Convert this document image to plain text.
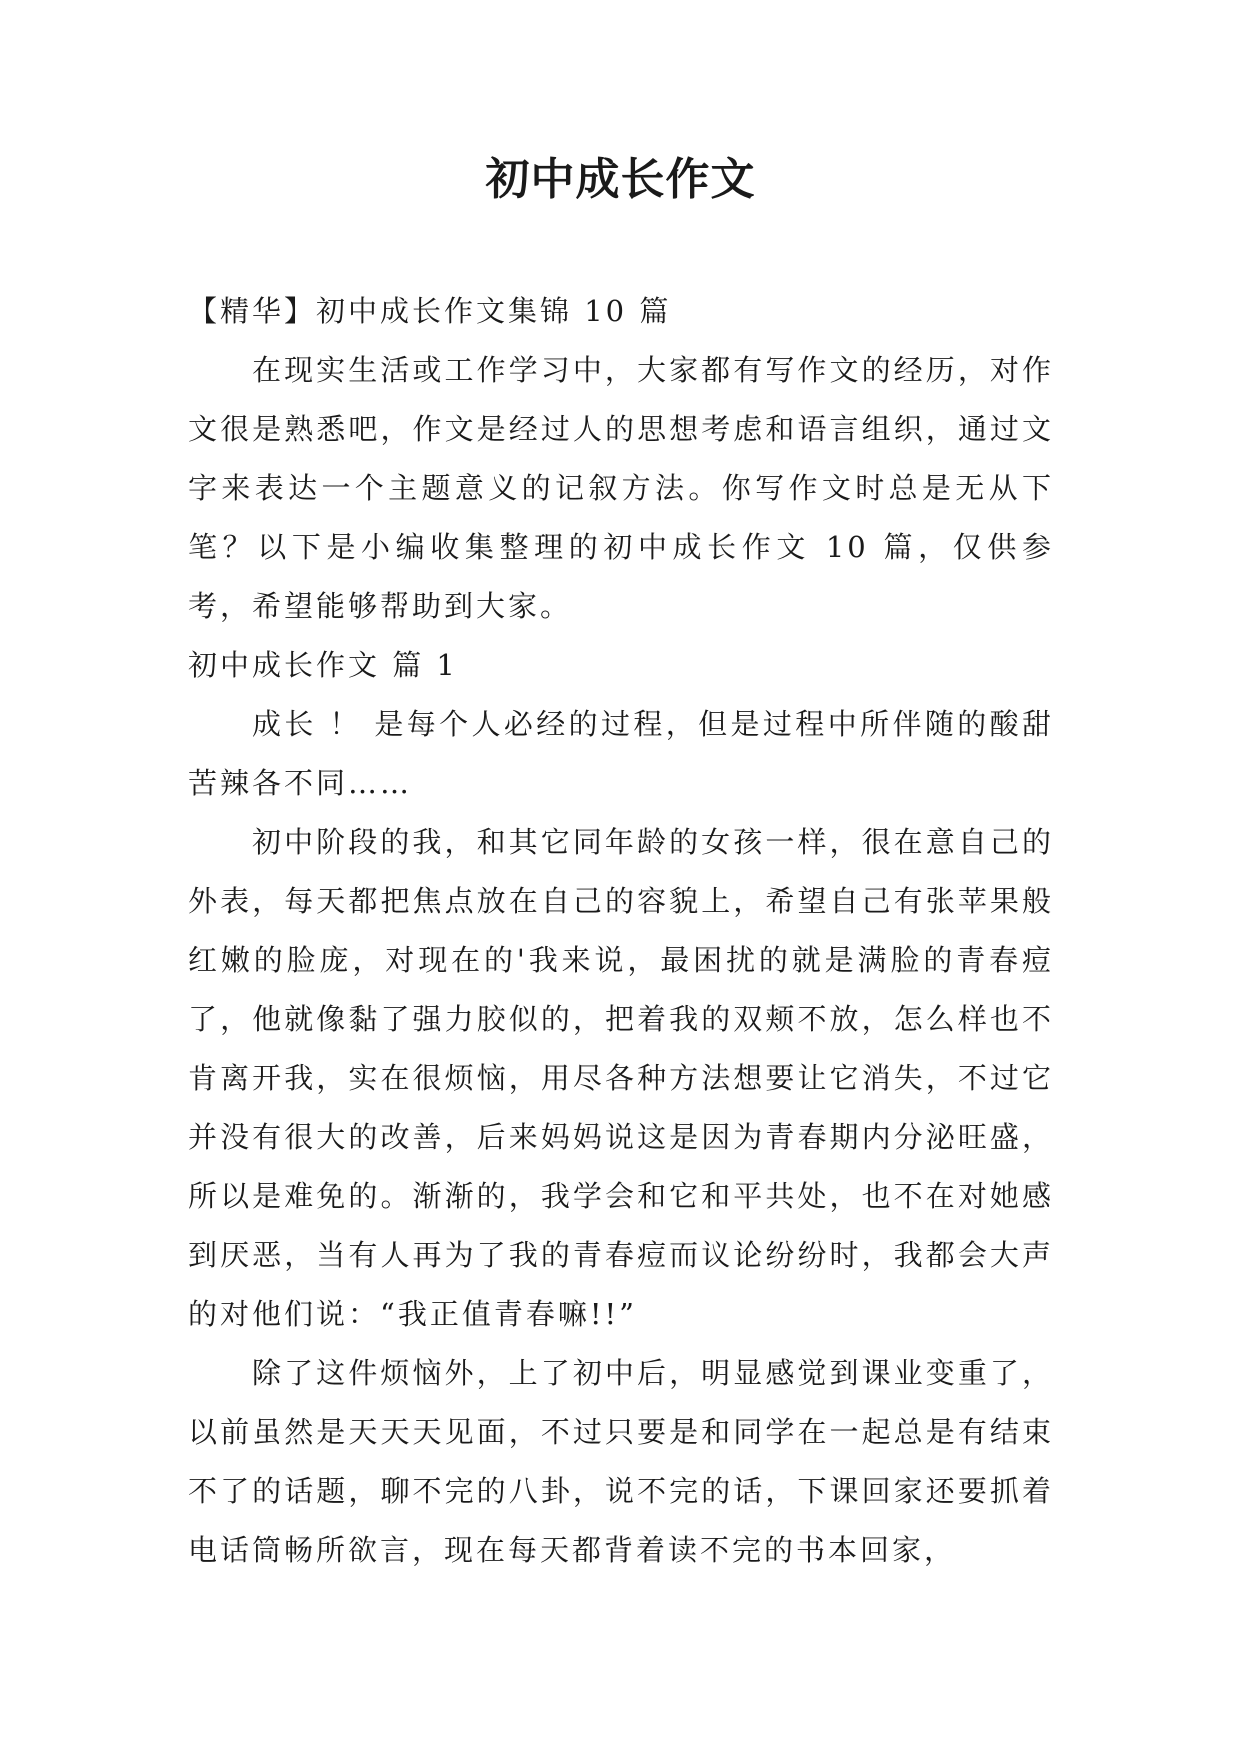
初中成长作文

【精华】初中成长作文集锦 10 篇

在现实生活或工作学习中，大家都有写作文的经历，对作文很是熟悉吧，作文是经过人的思想考虑和语言组织，通过文字来表达一个主题意义的记叙方法。你写作文时总是无从下笔？以下是小编收集整理的初中成长作文 10 篇，仅供参考，希望能够帮助到大家。

初中成长作文 篇 1

成长 ！ 是每个人必经的过程，但是过程中所伴随的酸甜苦辣各不同……

初中阶段的我，和其它同年龄的女孩一样，很在意自己的外表，每天都把焦点放在自己的容貌上，希望自己有张苹果般红嫩的脸庞，对现在的'我来说，最困扰的就是满脸的青春痘了，他就像黏了强力胶似的，把着我的双颊不放，怎么样也不肯离开我，实在很烦恼，用尽各种方法想要让它消失，不过它并没有很大的改善，后来妈妈说这是因为青春期内分泌旺盛，所以是难免的。渐渐的，我学会和它和平共处，也不在对她感到厌恶，当有人再为了我的青春痘而议论纷纷时，我都会大声的对他们说：“我正值青春嘛!!”

除了这件烦恼外，上了初中后，明显感觉到课业变重了，以前虽然是天天天见面，不过只要是和同学在一起总是有结束不了的话题，聊不完的八卦，说不完的话，下课回家还要抓着电话筒畅所欲言，现在每天都背着读不完的书本回家，
